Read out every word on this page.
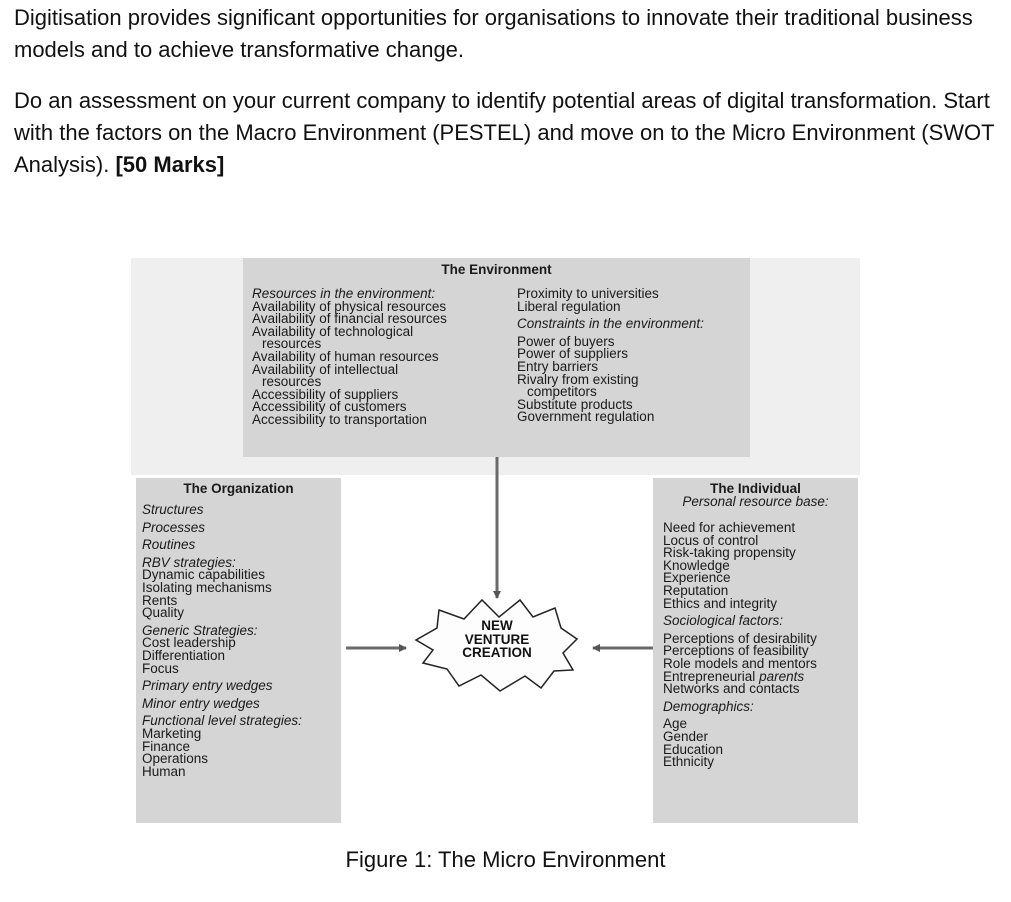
Digitisation provides significant opportunities for organisations to innovate their traditional business models and to achieve transformative change.

Do an assessment on your current company to identify potential areas of digital transformation. Start with the factors on the Macro Environment (PESTEL) and move on to the Micro Environment (SWOT Analysis). [50 Marks]

The Environment
Resources in the environment:
Availability of physical resources
Availability of financial resources
Availability of technological
resources
Availability of human resources
Availability of intellectual
resources
Accessibility of suppliers
Accessibility of customers
Accessibility to transportation
Proximity to universities
Liberal regulation
Constraints in the environment:
Power of buyers
Power of suppliers
Entry barriers
Rivalry from existing
competitors
Substitute products
Government regulation
The Organization
Structures
Processes
Routines
RBV strategies:
Dynamic capabilities
Isolating mechanisms
Rents
Quality
Generic Strategies:
Cost leadership
Differentiation
Focus
Primary entry wedges
Minor entry wedges
Functional level strategies:
Marketing
Finance
Operations
Human
The Individual
Personal resource base:
Need for achievement
Locus of control
Risk-taking propensity
Knowledge
Experience
Reputation
Ethics and integrity
Sociological factors:
Perceptions of desirability
Perceptions of feasibility
Role models and mentors
Entrepreneurial parents
Networks and contacts
Demographics:
Age
Gender
Education
Ethnicity
NEW
VENTURE
CREATION
Figure 1: The Micro Environment
